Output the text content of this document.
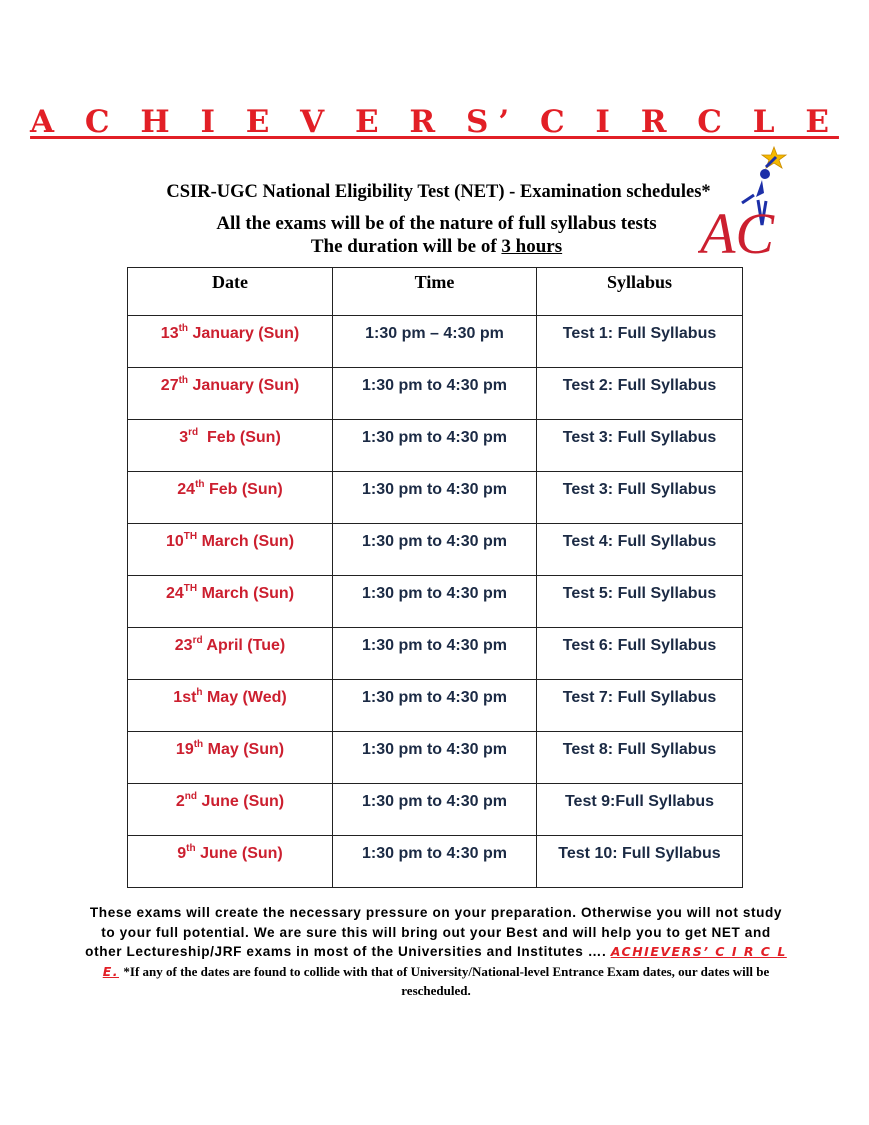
A C H I E V E R S’ C I R C L E
AC
CSIR-UGC National Eligibility Test (NET) - Examination schedules*
All the exams will be of the nature of full syllabus tests
The duration will be of 3 hours
Date	Time	Syllabus
13th January (Sun)	1:30 pm – 4:30 pm	Test 1: Full Syllabus
27th January (Sun)	1:30 pm to 4:30 pm	Test 2: Full Syllabus
3rd  Feb (Sun)	1:30 pm to 4:30 pm	Test 3: Full Syllabus
24th Feb (Sun)	1:30 pm to 4:30 pm	Test 3: Full Syllabus
10TH March (Sun)	1:30 pm to 4:30 pm	Test 4: Full Syllabus
24TH March (Sun)	1:30 pm to 4:30 pm	Test 5: Full Syllabus
23rd April (Tue)	1:30 pm to 4:30 pm	Test 6: Full Syllabus
$1st^h$ May (Wed)	1:30 pm to 4:30 pm	Test 7: Full Syllabus
19th May (Sun)	1:30 pm to 4:30 pm	Test 8: Full Syllabus
2nd June (Sun)	1:30 pm to 4:30 pm	Test 9:Full Syllabus
9th June (Sun)	1:30 pm to 4:30 pm	Test 10: Full Syllabus
These exams will create the necessary pressure on your preparation. Otherwise you will not study to your full potential. We are sure this will bring out your Best and will help you to get NET and other Lectureship/JRF exams in most of the Universities and Institutes …. ACHIEVERS’ C I R C L E. *If any of the dates are found to collide with that of University/National-level Entrance Exam dates, our dates will be rescheduled.
